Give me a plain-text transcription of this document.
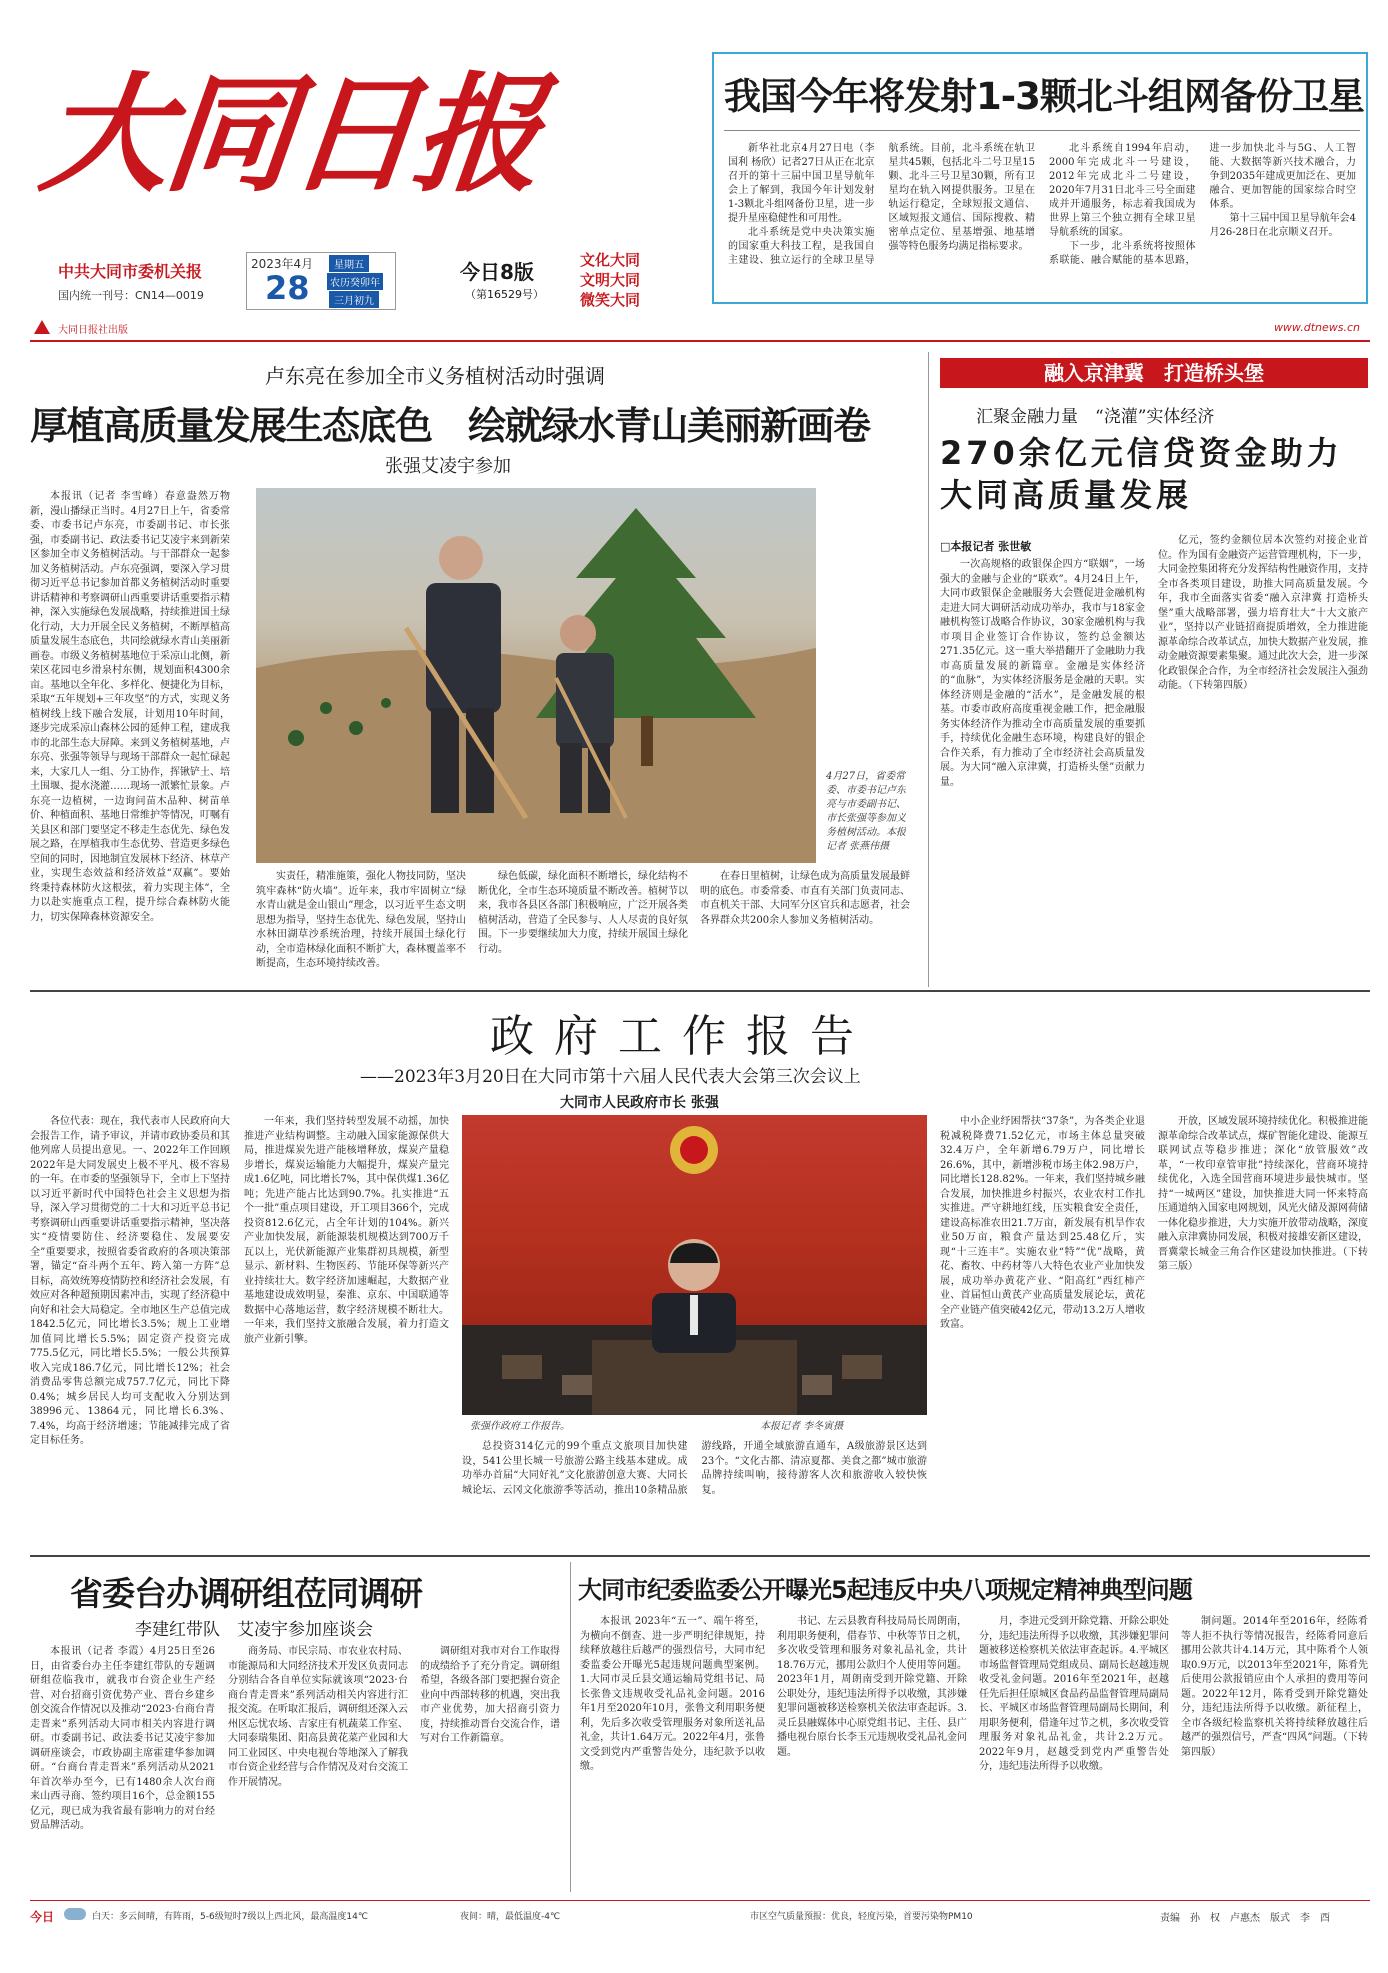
大同日报
中共大同市委机关报
国内统一刊号：CN14—0019
2023年4月
28
星期五
农历癸卯年
三月初九
今日8版
（第16529号）
文化大同
文明大同
微笑大同
大同日报社出版	www.dtnews.cn
我国今年将发射1-3颗北斗组网备份卫星

新华社北京4月27日电（李国利 杨欣）记者27日从正在北京召开的第十三届中国卫星导航年会上了解到，我国今年计划发射1-3颗北斗组网备份卫星，进一步提升星座稳健性和可用性。

北斗系统是党中央决策实施的国家重大科技工程，是我国自主建设、独立运行的全球卫星导航系统。目前，北斗系统在轨卫星共45颗，包括北斗二号卫星15颗、北斗三号卫星30颗，所有卫星均在轨入网提供服务。卫星在轨运行稳定，全球短报文通信、区域短报文通信、国际搜救、精密单点定位、星基增强、地基增强等特色服务均满足指标要求。

北斗系统自1994年启动，2000年完成北斗一号建设，2012年完成北斗二号建设，2020年7月31日北斗三号全面建成并开通服务，标志着我国成为世界上第三个独立拥有全球卫星导航系统的国家。

下一步，北斗系统将按照体系联能、融合赋能的基本思路，进一步加快北斗与5G、人工智能、大数据等新兴技术融合，力争到2035年建成更加泛在、更加融合、更加智能的国家综合时空体系。

第十三届中国卫星导航年会4月26-28日在北京顺义召开。

卢东亮在参加全市义务植树活动时强调
厚植高质量发展生态底色　绘就绿水青山美丽新画卷
张强艾凌宇参加

本报讯（记者 李雪峰）春意盎然万物新，漫山播绿正当时。4月27日上午，省委常委、市委书记卢东亮，市委副书记、市长张强，市委副书记、政法委书记艾凌宇来到新荣区参加全市义务植树活动。与干部群众一起参加义务植树活动。卢东亮强调，要深入学习贯彻习近平总书记参加首都义务植树活动时重要讲话精神和考察调研山西重要讲话重要指示精神，深入实施绿色发展战略，持续推进国土绿化行动，大力开展全民义务植树，不断厚植高质量发展生态底色，共同绘就绿水青山美丽新画卷。市级义务植树基地位于采凉山北侧，新荣区花园屯乡滑泉村东侧，规划面积4300余亩。基地以全年化、多样化、便捷化为目标，采取“五年规划+三年攻坚”的方式，实现义务植树线上线下融合发展，计划用10年时间，逐步完成采凉山森林公园的延伸工程，建成我市的北部生态大屏障。来到义务植树基地，卢东亮、张强等领导与现场干部群众一起忙碌起来，大家几人一组、分工协作，挥锹铲土、培土围堰、提水浇灌……现场一派繁忙景象。卢东亮一边植树，一边询问苗木品种、树苗单价、种植面积、基地日常维护等情况，叮嘱有关县区和部门要坚定不移走生态优先、绿色发展之路，在厚植我市生态优势、营造更多绿色空间的同时，因地制宜发展林下经济、林草产业，实现生态效益和经济效益“双赢”。要始终秉持森林防火这根弦，着力实现主体”，全力以赴实施重点工程，提升综合森林防火能力，切实保障森林资源安全。

4月27日，省委常委、市委书记卢东亮与市委副书记、市长张强等参加义务植树活动。本报记者 张燕伟摄

实责任，精准施策，强化人物技同防，坚决筑牢森林“防火墙”。近年来，我市牢固树立“绿水青山就是金山银山”理念，以习近平生态文明思想为指导，坚持生态优先、绿色发展，坚持山水林田湖草沙系统治理，持续开展国土绿化行动，全市造林绿化面积不断扩大，森林覆盖率不断提高，生态环境持续改善。

绿色低碳，绿化面积不断增长，绿化结构不断优化，全市生态环境质量不断改善。植树节以来，我市各县区各部门积极响应，广泛开展各类植树活动，营造了全民参与、人人尽责的良好氛围。下一步要继续加大力度，持续开展国土绿化行动。

在春日里植树，让绿色成为高质量发展最鲜明的底色。市委常委、市直有关部门负责同志、市直机关干部、大同军分区官兵和志愿者，社会各界群众共200余人参加义务植树活动。

融入京津冀　打造桥头堡
汇聚金融力量　“浇灌”实体经济
270余亿元信贷资金助力大同高质量发展
□本报记者 张世敏

一次高规格的政银保企四方“联姻”，一场强大的金融与企业的“联欢”。4月24日上午，大同市政银保企金融服务大会暨促进金融机构走进大同大调研活动成功举办，我市与18家金融机构签订战略合作协议，30家金融机构与我市项目企业签订合作协议，签约总金额达271.35亿元。这一重大举措翻开了金融助力我市高质量发展的新篇章。金融是实体经济的“血脉”，为实体经济服务是金融的天职。实体经济则是金融的“活水”，是金融发展的根基。市委市政府高度重视金融工作，把金融服务实体经济作为推动全市高质量发展的重要抓手，持续优化金融生态环境，构建良好的银企合作关系，有力推动了全市经济社会高质量发展。为大同“融入京津冀，打造桥头堡”贡献力量。

亿元，签约金额位居本次签约对接企业首位。作为国有金融资产运营管理机构，下一步，大同金控集团将充分发挥结构性融资作用，支持全市各类项目建设，助推大同高质量发展。今年，我市全面落实省委“融入京津冀 打造桥头堡”重大战略部署，强力培育壮大“十大文旅产业”，坚持以产业链招商提质增效，全力推进能源革命综合改革试点，加快大数据产业发展，推动金融资源要素集聚。通过此次大会，进一步深化政银保企合作，为全市经济社会发展注入强劲动能。（下转第四版）

政府工作报告
——2023年3月20日在大同市第十六届人民代表大会第三次会议上
大同市人民政府市长 张强

各位代表：现在，我代表市人民政府向大会报告工作，请予审议，并请市政协委员和其他列席人员提出意见。一、2022年工作回顾 2022年是大同发展史上极不平凡、极不容易的一年。在市委的坚强领导下，全市上下坚持以习近平新时代中国特色社会主义思想为指导，深入学习贯彻党的二十大和习近平总书记考察调研山西重要讲话重要指示精神，坚决落实“疫情要防住、经济要稳住、发展要安全”重要要求，按照省委省政府的各项决策部署，锚定“奋斗两个五年、跨入第一方阵”总目标，高效统筹疫情防控和经济社会发展，有效应对各种超预期因素冲击，实现了经济稳中向好和社会大局稳定。全市地区生产总值完成1842.5亿元，同比增长3.5%；规上工业增加值同比增长5.5%；固定资产投资完成775.5亿元，同比增长5.5%；一般公共预算收入完成186.7亿元，同比增长12%；社会消费品零售总额完成757.7亿元，同比下降0.4%；城乡居民人均可支配收入分别达到38996元、13864元，同比增长6.3%、7.4%，均高于经济增速；节能减排完成了省定目标任务。

一年来，我们坚持转型发展不动摇，加快推进产业结构调整。主动融入国家能源保供大局，推进煤炭先进产能核增释放，煤炭产量稳步增长，煤炭运输能力大幅提升，煤炭产量完成1.6亿吨，同比增长7%，其中保供煤1.36亿吨；先进产能占比达到90.7%。扎实推进“五个一批”重点项目建设，开工项目366个，完成投资812.6亿元，占全年计划的104%。新兴产业加快发展，新能源装机规模达到700万千瓦以上，光伏新能源产业集群初具规模，新型显示、新材料、生物医药、节能环保等新兴产业持续壮大。数字经济加速崛起，大数据产业基地建设成效明显，秦淮、京东、中国联通等数据中心落地运营，数字经济规模不断壮大。一年来，我们坚持文旅融合发展，着力打造文旅产业新引擎。

张强作政府工作报告。	本报记者 李冬寅摄

总投资314亿元的99个重点文旅项目加快建设，541公里长城一号旅游公路主线基本建成。成功举办首届“大同好礼”文化旅游创意大赛、大同长城论坛、云冈文化旅游季等活动，推出10条精品旅游线路，开通全域旅游直通车，A级旅游景区达到23个。“文化古都、清凉夏都、美食之都”城市旅游品牌持续叫响，接待游客人次和旅游收入较快恢复。

中小企业纾困帮扶“37条”，为各类企业退税减税降费71.52亿元，市场主体总量突破32.4万户，全年新增6.79万户，同比增长26.6%，其中，新增涉税市场主体2.98万户，同比增长128.82%。一年来，我们坚持城乡融合发展，加快推进乡村振兴，农业农村工作扎实推进。严守耕地红线，压实粮食安全责任，建设高标准农田21.7万亩，新发展有机旱作农业50万亩，粮食产量达到25.48亿斤，实现“十三连丰”。实施农业“特”“优”战略，黄花、畜牧、中药材等八大特色农业产业加快发展，成功举办黄花产业、“阳高红”西红柿产业、首届恒山黄芪产业高质量发展论坛，黄花全产业链产值突破42亿元，带动13.2万人增收致富。

开放，区域发展环境持续优化。积极推进能源革命综合改革试点，煤矿智能化建设、能源互联网试点等稳步推进；深化“放管服效”改革，“一枚印章管审批”持续深化，营商环境持续优化，入选全国营商环境进步最快城市。坚持“一城两区”建设，加快推进大同一怀来特高压通道纳入国家电网规划，风光火储及源网荷储一体化稳步推进，大力实施开放带动战略，深度融入京津冀协同发展，积极对接雄安新区建设，晋冀蒙长城金三角合作区建设加快推进。（下转第三版）

省委台办调研组莅同调研
李建红带队　艾凌宇参加座谈会

本报讯（记者 李霞）4月25日至26日，由省委台办主任李建红带队的专题调研组莅临我市，就我市台资企业生产经营、对台招商引资优势产业、晋台乡建乡创交流合作情况以及推动“2023·台商台青走晋来”系列活动大同市相关内容进行调研。市委副书记、政法委书记艾凌宇参加调研座谈会，市政协副主席霍建华参加调研。“台商台青走晋来”系列活动从2021年首次举办至今，已有1480余人次台商来山西寻商、签约项目16个，总金额155亿元，现已成为我省最有影响力的对台经贸品牌活动。

商务局、市民宗局、市农业农村局、市能源局和大同经济技术开发区负责同志分别结合各自单位实际就该项“2023·台商台青走晋来”系列活动相关内容进行汇报交流。在听取汇报后，调研组还深入云州区忘忧农场、吉家庄有机蔬菜工作室、大同泰瑞集团、阳高县黄花菜产业园和大同工业园区、中央电视台等地深入了解我市台资企业经营与合作情况及对台交流工作开展情况。

调研组对我市对台工作取得的成绩给予了充分肯定。调研组希望，各级各部门要把握台资企业向中西部转移的机遇，突出我市产业优势，加大招商引资力度，持续推动晋台交流合作，谱写对台工作新篇章。

大同市纪委监委公开曝光5起违反中央八项规定精神典型问题

本报讯 2023年“五一”、端午将至，为横向不倒查、进一步严明纪律规矩，持续释放越往后越严的强烈信号，大同市纪委监委公开曝光5起违规问题典型案例。1.大同市灵丘县交通运输局党组书记、局长张鲁文违规收受礼品礼金问题。2016年1月至2020年10月，张鲁文利用职务便利，先后多次收受管理服务对象所送礼品礼金，共计1.64万元。2022年4月，张鲁文受到党内严重警告处分，违纪款予以收缴。

书记、左云县教育科技局局长周朗南，利用职务便利，借春节、中秋等节日之机，多次收受管理和服务对象礼品礼金，共计18.76万元，挪用公款归个人使用等问题。2023年1月，周朗南受到开除党籍、开除公职处分，违纪违法所得予以收缴，其涉嫌犯罪问题被移送检察机关依法审查起诉。3.灵丘县融媒体中心原党组书记、主任、县广播电视台原台长李玉元违规收受礼品礼金问题。

月，李进元受到开除党籍、开除公职处分，违纪违法所得予以收缴，其涉嫌犯罪问题被移送检察机关依法审查起诉。4.平城区市场监督管理局党组成员、副局长赵越违规收受礼金问题。2016年至2021年，赵越任先后担任原城区食品药品监督管理局副局长、平城区市场监督管理局副局长期间，利用职务便利，借逢年过节之机，多次收受管理服务对象礼品礼金，共计2.2万元。2022年9月，赵越受到党内严重警告处分，违纪违法所得予以收缴。

制问题。2014年至2016年，经陈肴等人拒不执行等情况报告，经陈肴同意后挪用公款共计4.14万元，其中陈肴个人领取0.9万元，以2013年至2021年，陈肴先后使用公款报销应由个人承担的费用等问题。2022年12月，陈肴受到开除党籍处分，违纪违法所得予以收缴。新征程上，全市各级纪检监察机关将持续释放越往后越严的强烈信号，严查“四风”问题。（下转第四版）

今日	白天：多云间晴，有阵雨，5-6级短时7级以上西北风，最高温度14℃	夜间：晴，最低温度-4℃	市区空气质量预报：优良，轻度污染，首要污染物PM10	责编　孙　权　卢惠杰　版式　李　酉
